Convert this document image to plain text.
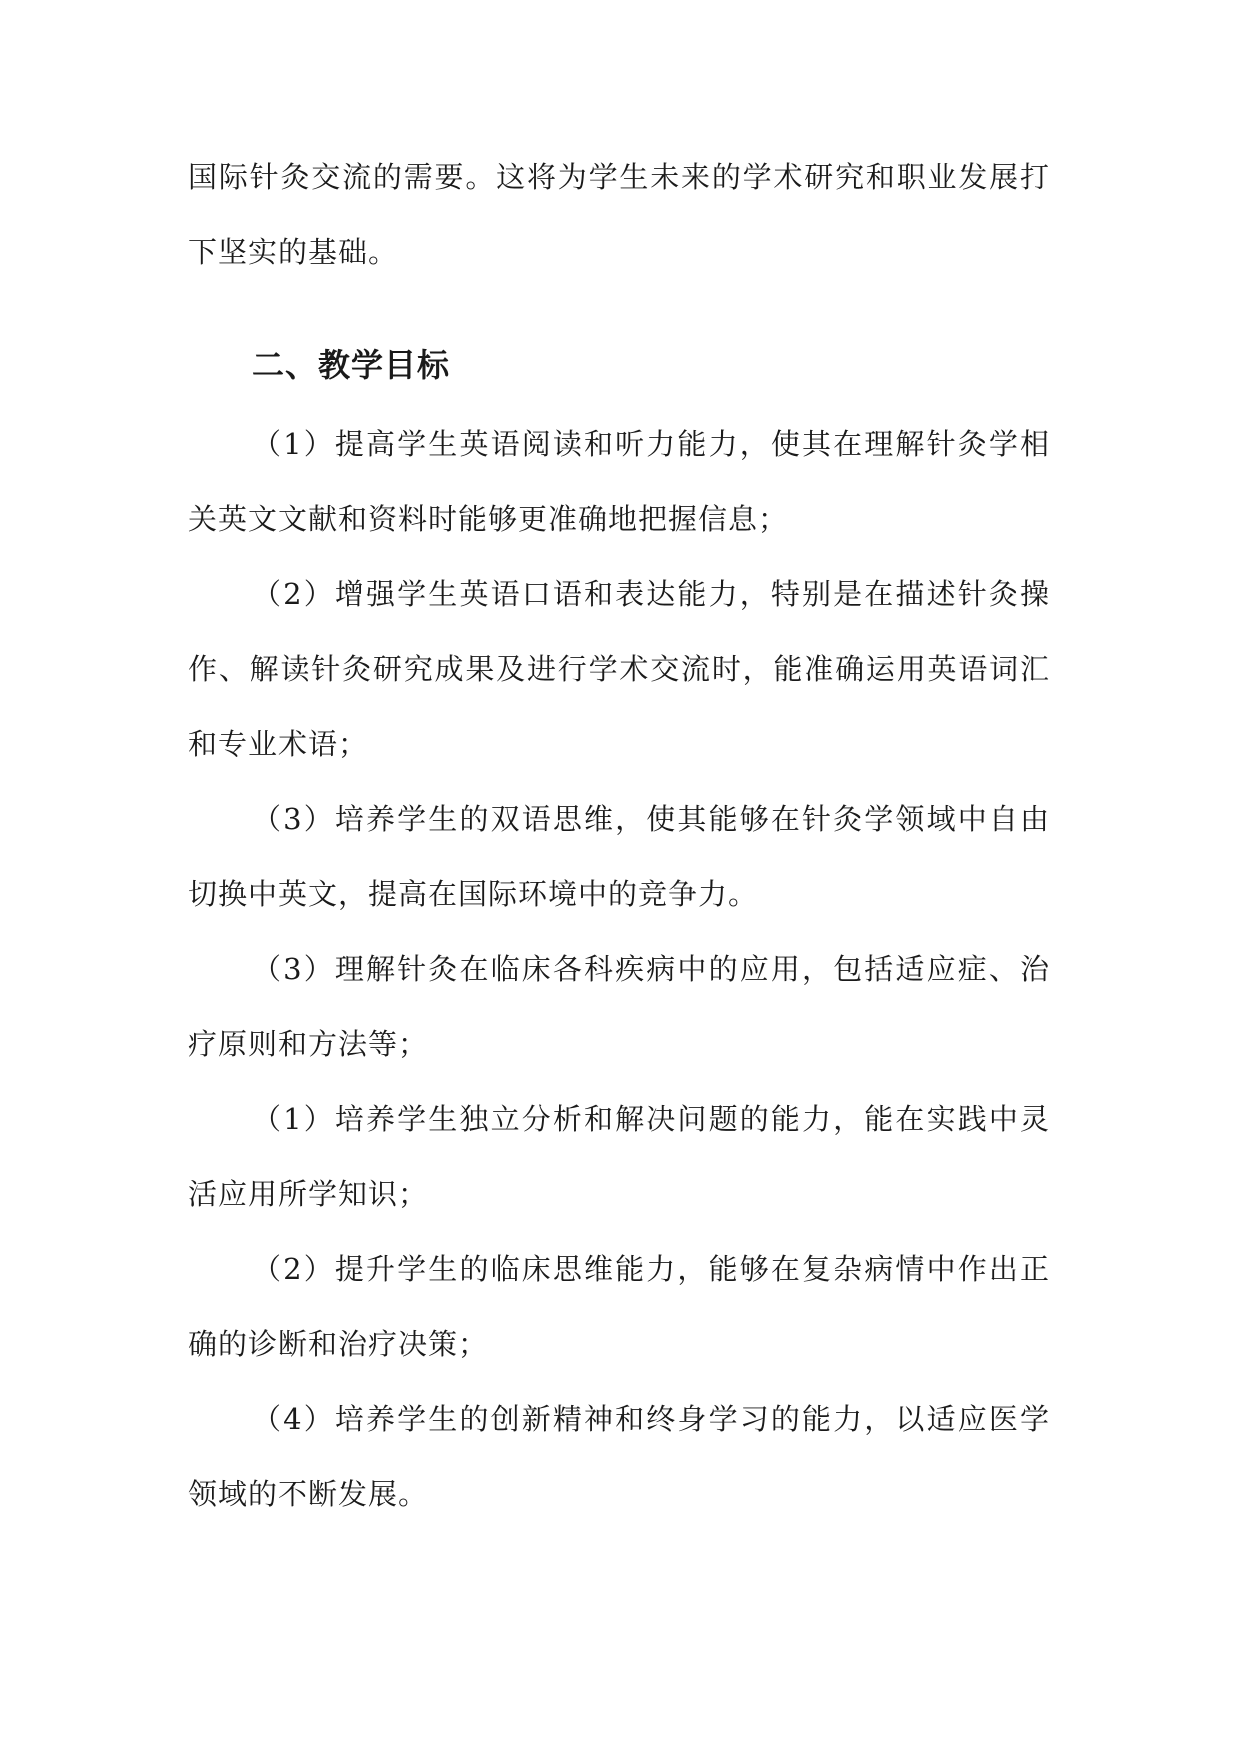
国际针灸交流的需要。这将为学生未来的学术研究和职业发展打下坚实的基础。

二、教学目标

（1）提高学生英语阅读和听力能力，使其在理解针灸学相关英文文献和资料时能够更准确地把握信息；

（2）增强学生英语口语和表达能力，特别是在描述针灸操作、解读针灸研究成果及进行学术交流时，能准确运用英语词汇和专业术语；

（3）培养学生的双语思维，使其能够在针灸学领域中自由切换中英文，提高在国际环境中的竞争力。

（3）理解针灸在临床各科疾病中的应用，包括适应症、治疗原则和方法等；

（1）培养学生独立分析和解决问题的能力，能在实践中灵活应用所学知识；

（2）提升学生的临床思维能力，能够在复杂病情中作出正确的诊断和治疗决策；

（4）培养学生的创新精神和终身学习的能力，以适应医学领域的不断发展。
